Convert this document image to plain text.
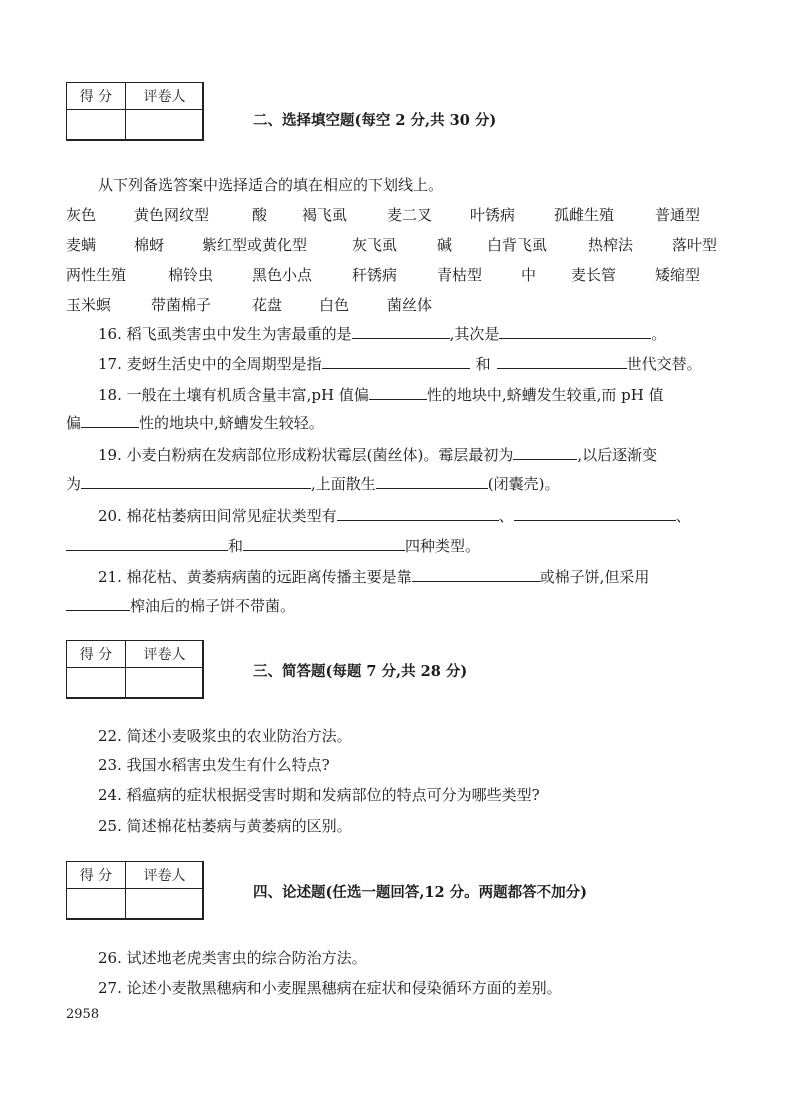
得 分	评卷人

二、选择填空题(每空 2 分,共 30 分)
从下列备选答案中选择适合的填在相应的下划线上。
灰色	黄色网纹型	酸 褐飞虱	麦二叉	叶锈病	孤雌生殖	普通型
麦螨	棉蚜	紫红型或黄化型	灰飞虱	碱 白背飞虱	热榨法	落叶型
两性生殖	棉铃虫	黑色小点	秆锈病	青枯型	中 麦长管	矮缩型
玉米螟	带菌棉子	花盘 白色	菌丝体
16. 稻飞虱类害虫中发生为害最重的是	,其次是	。
17. 麦蚜生活史中的全周期型是指	和	世代交替。
18. 一般在土壤有机质含量丰富,pH 值偏	性的地块中,蛴螬发生较重,而 pH 值
偏	性的地块中,蛴螬发生较轻。
19. 小麦白粉病在发病部位形成粉状霉层(菌丝体)。霉层最初为	,以后逐渐变
为	,上面散生	(闭囊壳)。
20. 棉花枯萎病田间常见症状类型有	、	、
和	四种类型。
21. 棉花枯、黄萎病病菌的远距离传播主要是靠	或棉子饼,但采用
榨油后的棉子饼不带菌。
得 分	评卷人

三、简答题(每题 7 分,共 28 分)
22. 简述小麦吸浆虫的农业防治方法。
23. 我国水稻害虫发生有什么特点?
24. 稻瘟病的症状根据受害时期和发病部位的特点可分为哪些类型?
25. 简述棉花枯萎病与黄萎病的区别。
得 分	评卷人

四、论述题(任选一题回答,12 分。两题都答不加分)
26. 试述地老虎类害虫的综合防治方法。
27. 论述小麦散黑穗病和小麦腥黑穗病在症状和侵染循环方面的差别。
2958
